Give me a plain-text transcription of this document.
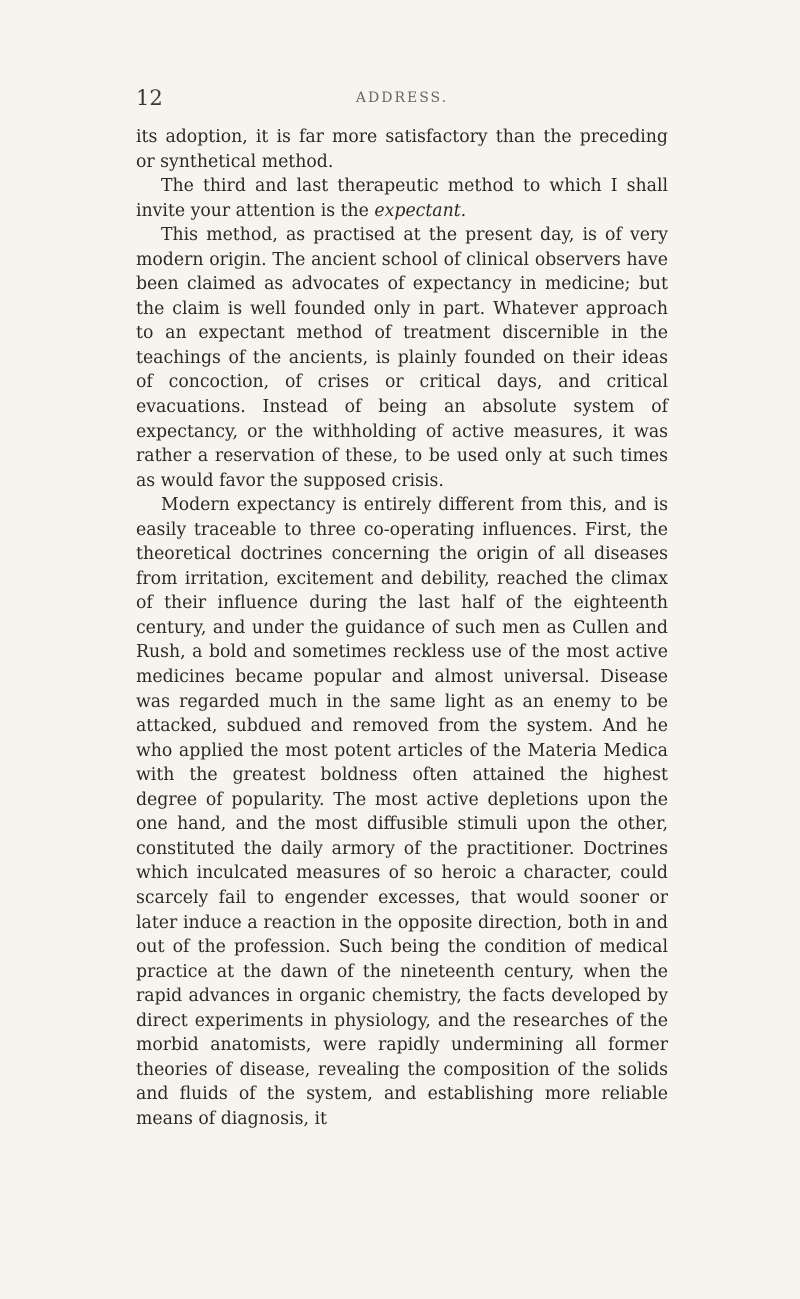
12	ADDRESS.

its adoption, it is far more satisfactory than the preceding or synthetical method.

The third and last therapeutic method to which I shall invite your attention is the expectant.

This method, as practised at the present day, is of very modern origin. The ancient school of clinical observers have been claimed as advocates of expectancy in medicine; but the claim is well founded only in part. Whatever approach to an expectant method of treatment discernible in the teachings of the ancients, is plainly founded on their ideas of concoction, of crises or critical days, and critical evacuations. Instead of being an absolute system of expectancy, or the withholding of active measures, it was rather a reservation of these, to be used only at such times as would favor the supposed crisis.

Modern expectancy is entirely different from this, and is easily traceable to three co-operating influences. First, the theoretical doctrines concerning the origin of all diseases from irritation, excitement and debility, reached the climax of their influence during the last half of the eighteenth century, and under the guidance of such men as Cullen and Rush, a bold and sometimes reckless use of the most active medicines became popular and almost universal. Disease was regarded much in the same light as an enemy to be attacked, subdued and removed from the system. And he who applied the most potent articles of the Materia Medica with the greatest boldness often attained the highest degree of popularity. The most active depletions upon the one hand, and the most diffusible stimuli upon the other, constituted the daily armory of the practitioner. Doctrines which inculcated measures of so heroic a character, could scarcely fail to engender excesses, that would sooner or later induce a reaction in the opposite direction, both in and out of the profession. Such being the condition of medical practice at the dawn of the nineteenth century, when the rapid advances in organic chemistry, the facts developed by direct experiments in physiology, and the researches of the morbid anatomists, were rapidly undermining all former theories of disease, revealing the composition of the solids and fluids of the system, and establishing more reliable means of diagnosis, it
